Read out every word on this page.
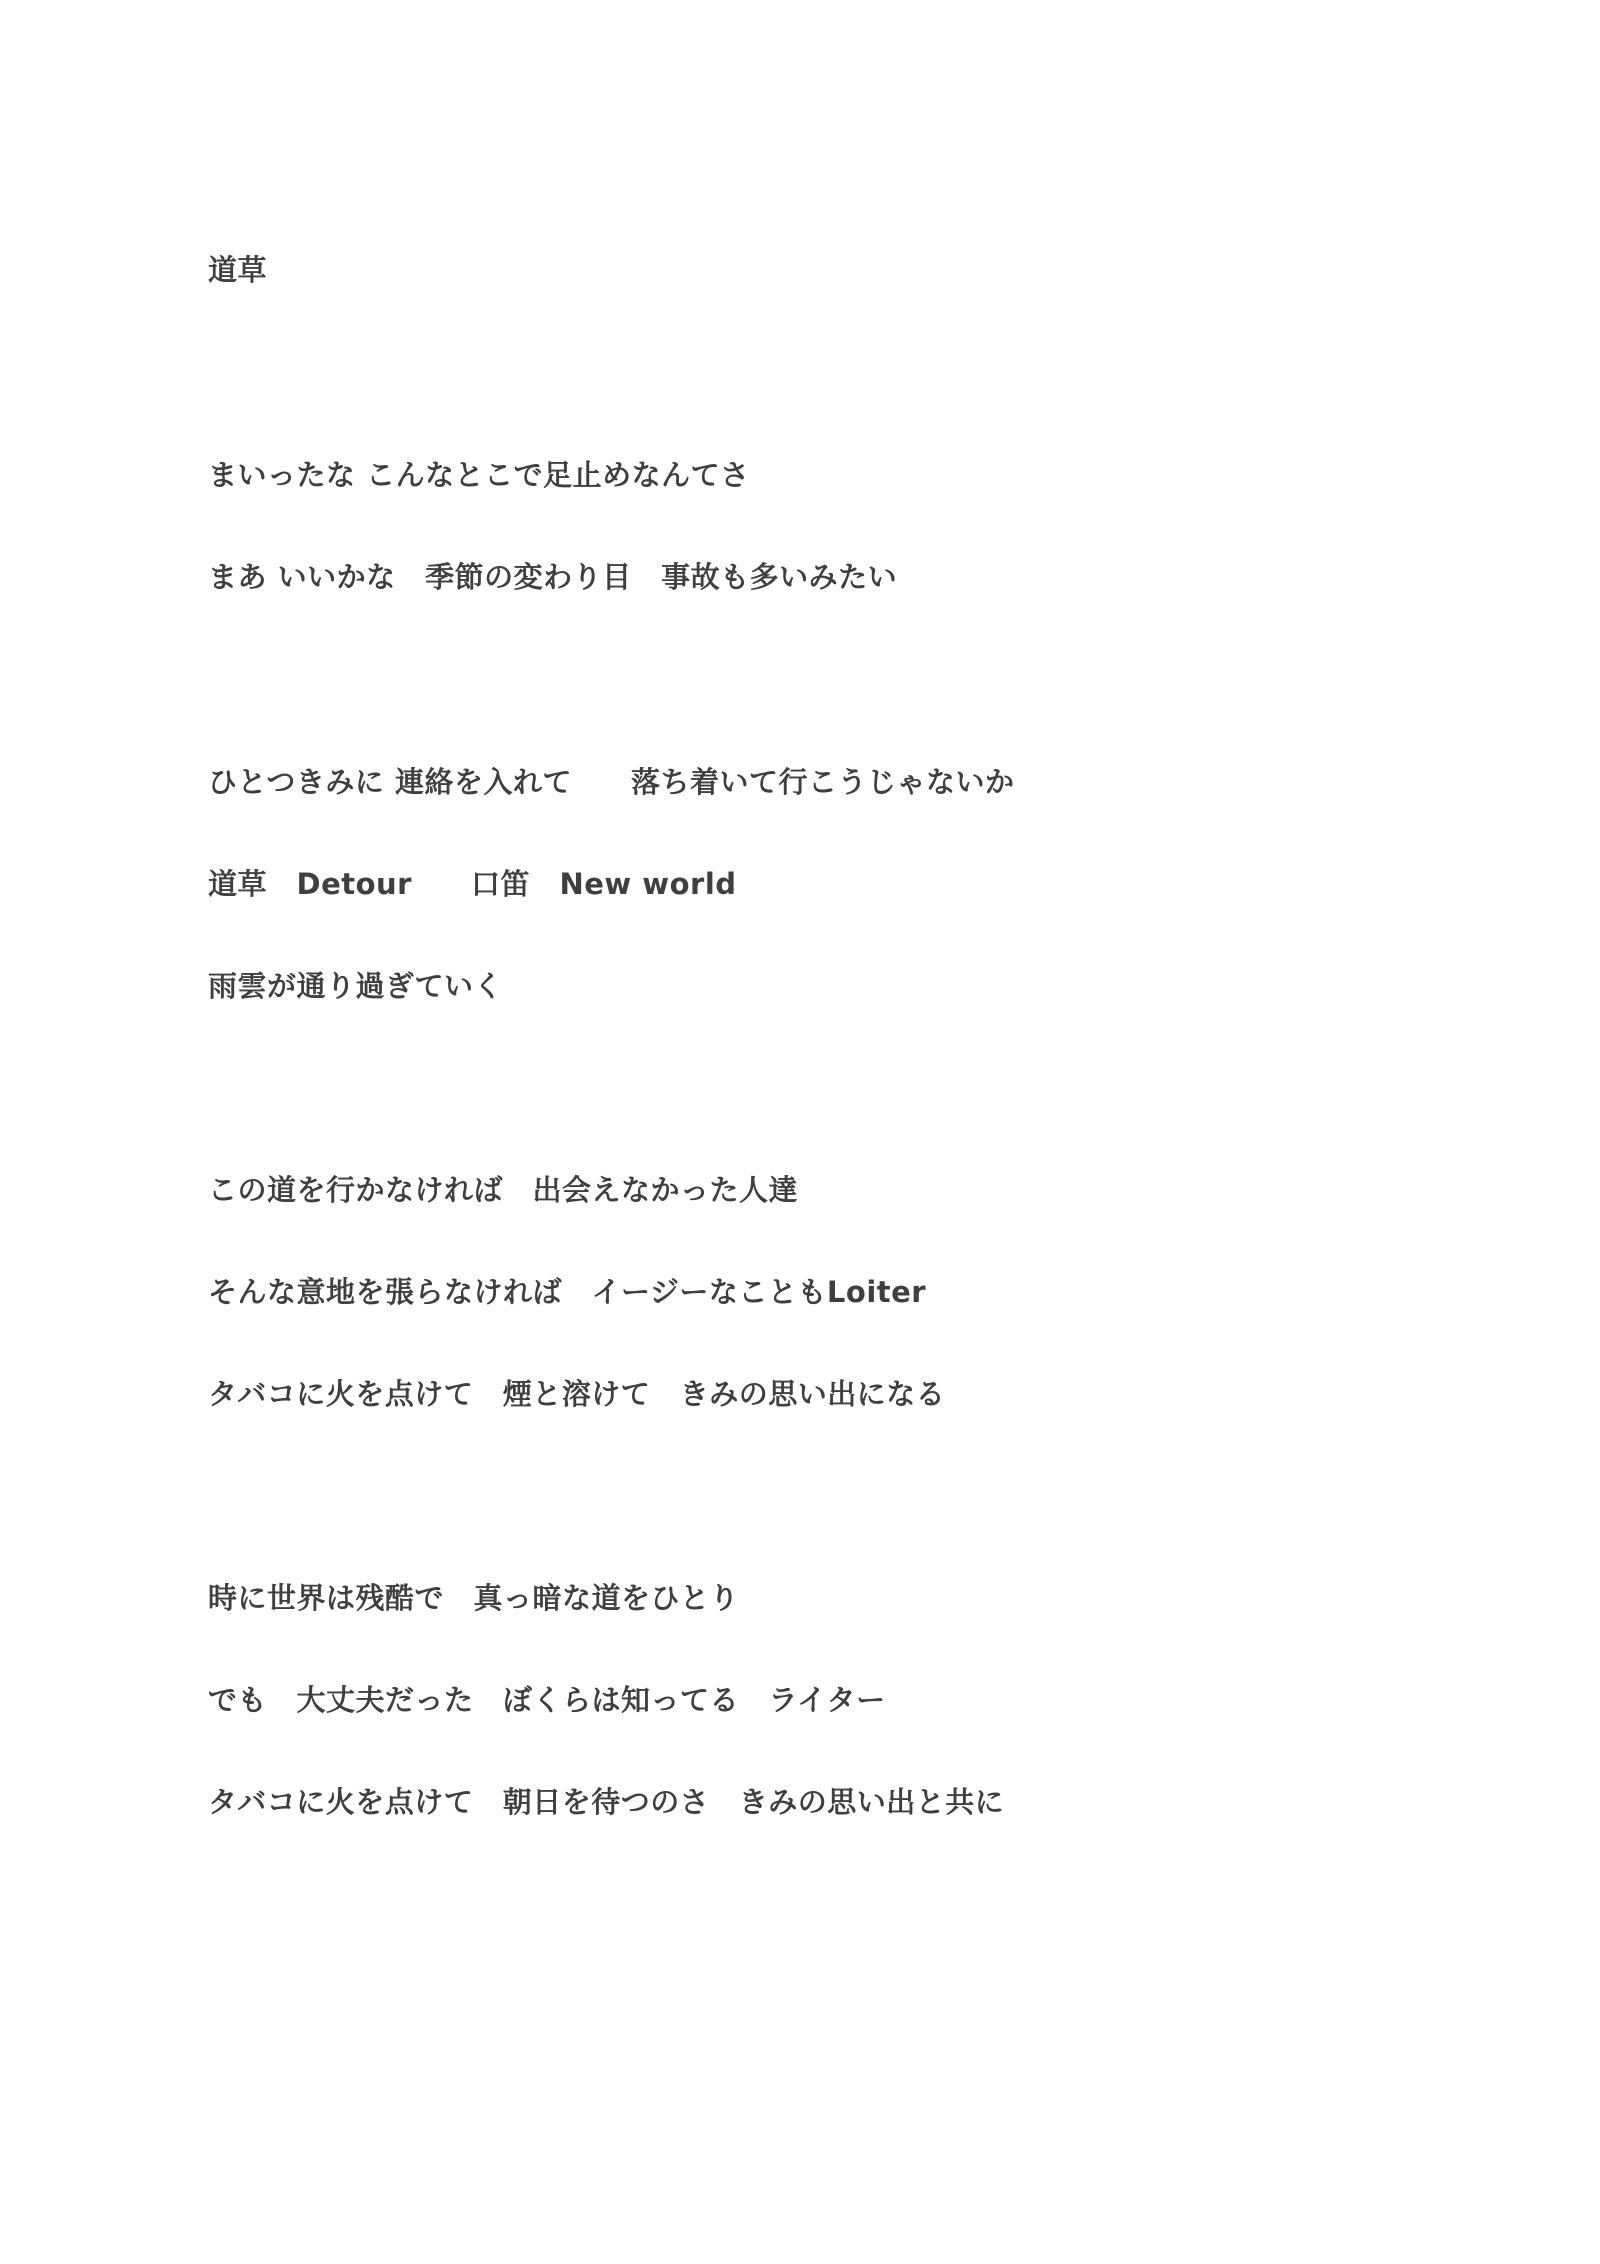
道草

まいったな こんなとこで足止めなんてさ

まあ いいかな　季節の変わり目　事故も多いみたい

ひとつきみに 連絡を入れて　　落ち着いて行こうじゃないか

道草　Detour　　口笛　New world

雨雲が通り過ぎていく

この道を行かなければ　出会えなかった人達

そんな意地を張らなければ　イージーなこともLoiter

タバコに火を点けて　煙と溶けて　きみの思い出になる

時に世界は残酷で　真っ暗な道をひとり

でも　大丈夫だった　ぼくらは知ってる　ライター

タバコに火を点けて　朝日を待つのさ　きみの思い出と共に
